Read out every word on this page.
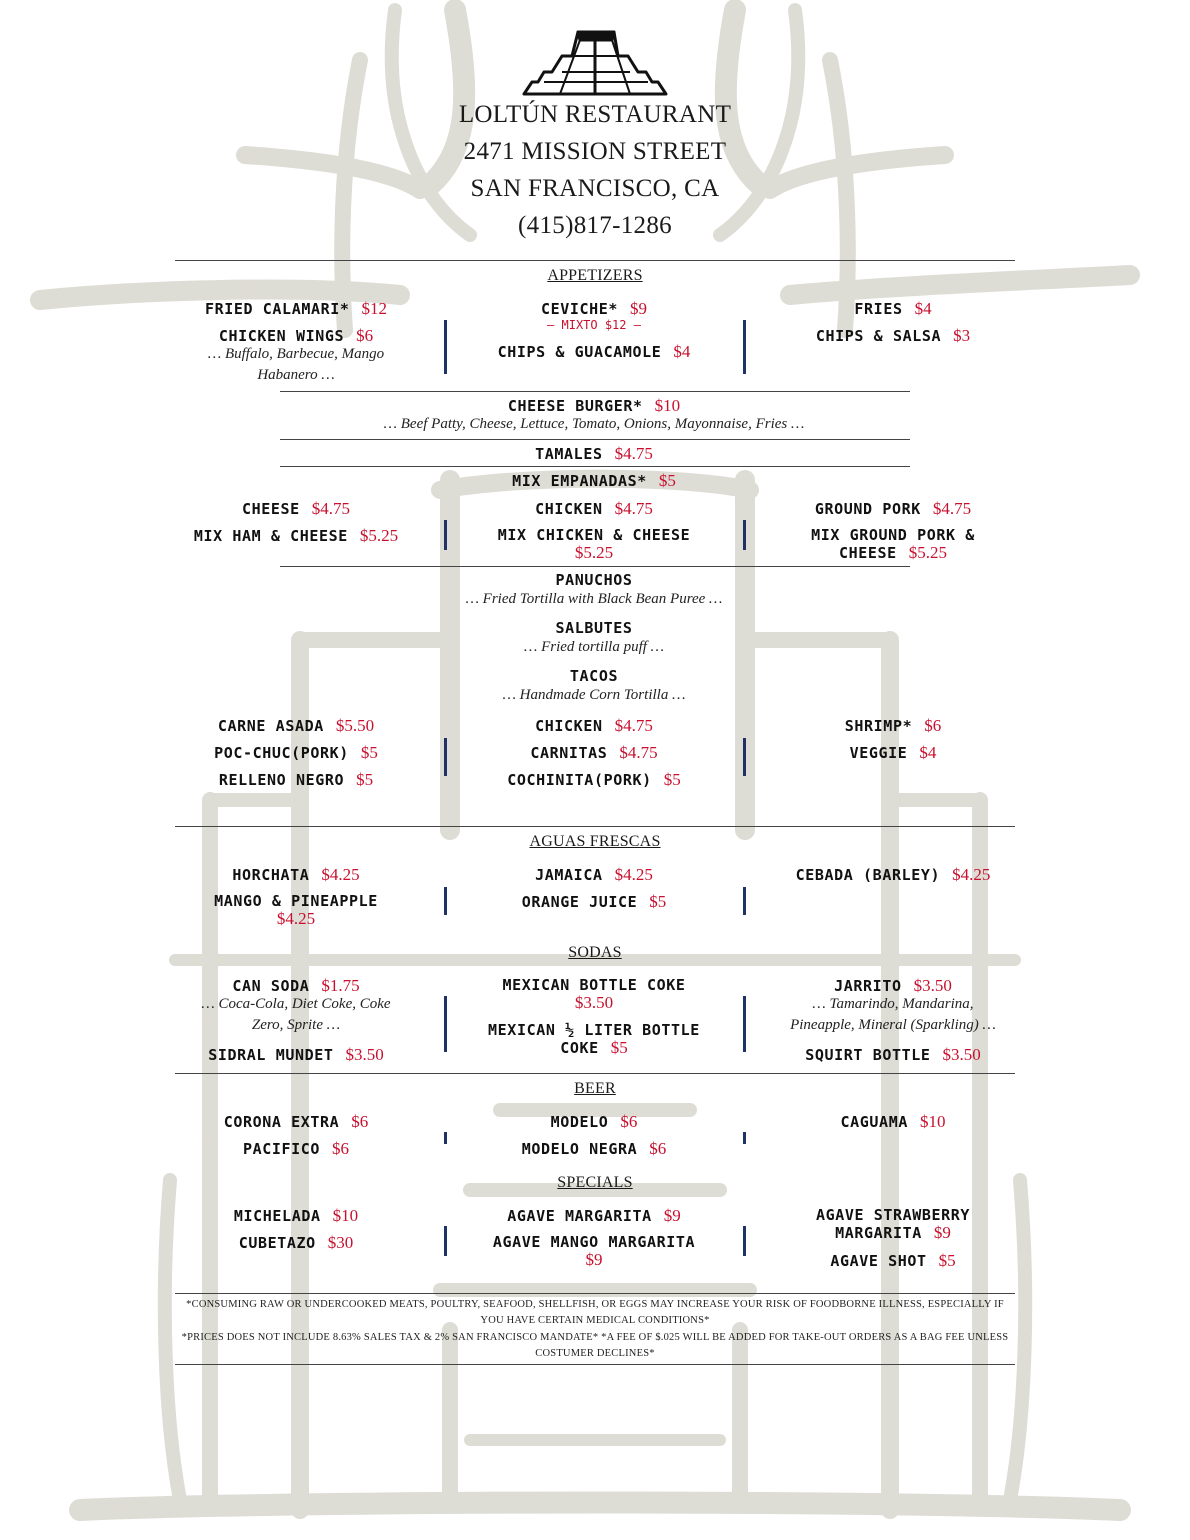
LOLTÚN RESTAURANT
2471 MISSION STREET
SAN FRANCISCO, CA
(415)817-1286
APPETIZERS
FRIED CALAMARI* $12
CHICKEN WINGS $6
… Buffalo, Barbecue, Mango Habanero …
CEVICHE* $9
— MIXTO $12 —
CHIPS & GUACAMOLE $4
FRIES $4
CHIPS & SALSA $3
CHEESE BURGER* $10
… Beef Patty, Cheese, Lettuce, Tomato, Onions, Mayonnaise, Fries …
TAMALES $4.75
MIX EMPANADAS* $5
CHEESE $4.75
MIX HAM & CHEESE $5.25
CHICKEN $4.75
MIX CHICKEN & CHEESE
$5.25
GROUND PORK $4.75
MIX GROUND PORK & CHEESE $5.25
PANUCHOS
… Fried Tortilla with Black Bean Puree …
SALBUTES
… Fried tortilla puff …
TACOS
… Handmade Corn Tortilla …
CARNE ASADA $5.50
POC-CHUC(PORK) $5
RELLENO NEGRO $5
CHICKEN $4.75
CARNITAS $4.75
COCHINITA(PORK) $5
SHRIMP* $6
VEGGIE $4
AGUAS FRESCAS
HORCHATA $4.25
MANGO & PINEAPPLE
$4.25
JAMAICA $4.25
ORANGE JUICE $5
CEBADA (BARLEY) $4.25
SODAS
CAN SODA $1.75
… Coca-Cola, Diet Coke, Coke Zero, Sprite …
SIDRAL MUNDET $3.50
MEXICAN BOTTLE COKE
$3.50
MEXICAN ½ LITER BOTTLE COKE $5
JARRITO $3.50
… Tamarindo, Mandarina, Pineapple, Mineral (Sparkling) …
SQUIRT BOTTLE $3.50
BEER
CORONA EXTRA $6
PACIFICO $6
MODELO $6
MODELO NEGRA $6
CAGUAMA $10
SPECIALS
MICHELADA $10
CUBETAZO $30
AGAVE MARGARITA $9
AGAVE MANGO MARGARITA
$9
AGAVE STRAWBERRY MARGARITA $9
AGAVE SHOT $5
*CONSUMING RAW OR UNDERCOOKED MEATS, POULTRY, SEAFOOD, SHELLFISH, OR EGGS MAY INCREASE YOUR RISK OF FOODBORNE ILLNESS, ESPECIALLY IF YOU HAVE CERTAIN MEDICAL CONDITIONS*
*PRICES DOES NOT INCLUDE 8.63% SALES TAX & 2% SAN FRANCISCO MANDATE* *A FEE OF $.025 WILL BE ADDED FOR TAKE-OUT ORDERS AS A BAG FEE UNLESS COSTUMER DECLINES*
